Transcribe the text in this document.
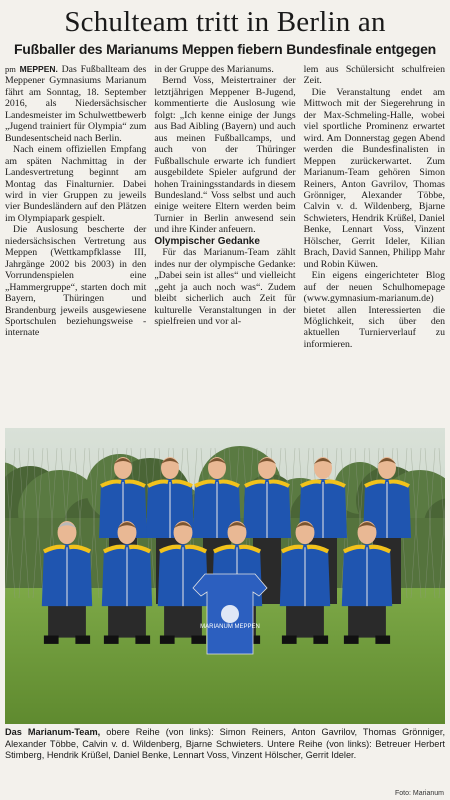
Schulteam tritt in Berlin an
Fußballer des Marianums Meppen fiebern Bundesfinale entgegen

pm MEPPEN. Das Fußballteam des Meppener Gymnasiums Marianum fährt am Sonntag, 18. September 2016, als Niedersächsischer Landesmeister im Schulwettbewerb „Jugend trainiert für Olympia“ zum Bundesentscheid nach Berlin.

Nach einem offiziellen Empfang am späten Nachmittag in der Landesvertretung beginnt am Montag das Finalturnier. Dabei wird in vier Gruppen zu jeweils vier Bundesländern auf den Plätzen im Olympiapark gespielt.

Die Auslosung bescherte der niedersächsischen Vertretung aus Meppen (Wettkampfklasse III, Jahrgänge 2002 bis 2003) in den Vorrundenspielen eine „Hammergruppe“, starten doch mit Bayern, Thüringen und Brandenburg jeweils ausgewiesene Sportschulen beziehungsweise -internate

in der Gruppe des Marianums.

Bernd Voss, Meistertrainer der letztjährigen Meppener B-Jugend, kommentierte die Auslosung wie folgt: „Ich kenne einige der Jungs aus Bad Aibling (Bayern) und auch aus meinen Fußballcamps, und auch von der Thüringer Fußballschule erwarte ich fundiert ausgebildete Spieler aufgrund der hohen Trainingsstandards in diesem Bundesland.“ Voss selbst und auch einige weitere Eltern werden beim Turnier in Berlin anwesend sein und ihre Kinder anfeuern.

Olympischer Gedanke

Für das Marianum-Team zählt indes nur der olympische Gedanke: „Dabei sein ist alles“ und vielleicht „geht ja auch noch was“. Zudem bleibt sicherlich auch Zeit für kulturelle Veranstaltungen in der spielfreien und vor al-

lem aus Schülersicht schulfreien Zeit.

Die Veranstaltung endet am Mittwoch mit der Siegerehrung in der Max-Schmeling-Halle, wobei viel sportliche Prominenz erwartet wird. Am Donnerstag gegen Abend werden die Bundesfinalisten in Meppen zurückerwartet. Zum Marianum-Team gehören Simon Reiners, Anton Gavrilov, Thomas Grönniger, Alexander Többe, Calvin v. d. Wildenberg, Bjarne Schwieters, Hendrik Krüßel, Daniel Benke, Lennart Voss, Vinzent Hölscher, Gerrit Ideler, Kilian Brach, David Sannen, Philipp Mahr und Robin Küwen.

Ein eigens eingerichteter Blog auf der neuen Schulhomepage (www.gymnasium-marianum.de) bietet allen Interessierten die Möglichkeit, sich über den aktuellen Turnierverlauf zu informieren.

MARIANUM MEPPEN
Das Marianum-Team, obere Reihe (von links): Simon Reiners, Anton Gavrilov, Thomas Grönniger, Alexander Többe, Calvin v. d. Wildenberg, Bjarne Schwieters. Untere Reihe (von links): Betreuer Herbert Stimberg, Hendrik Krüßel, Daniel Benke, Lennart Voss, Vinzent Hölscher, Gerrit Ideler.
Foto: Marianum
